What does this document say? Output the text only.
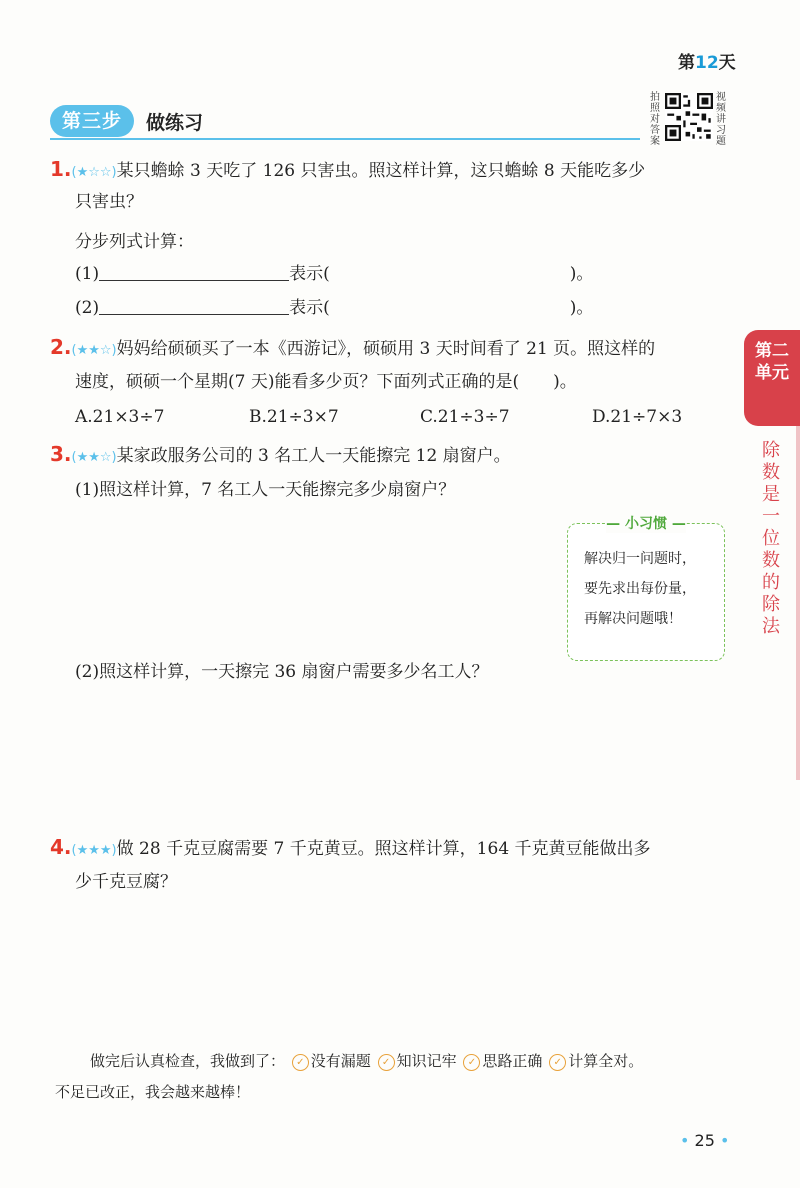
第12天
第三步	做练习
拍照对答案
视频讲习题
第二
单元
除数是一位数的除法
1.(★☆☆)某只蟾蜍 3 天吃了 126 只害虫。照这样计算，这只蟾蜍 8 天能吃多少
只害虫？
分步列式计算：
(1)	表示(	)。
(2)	表示(	)。
2.(★★☆)妈妈给硕硕买了一本《西游记》，硕硕用 3 天时间看了 21 页。照这样的
速度，硕硕一个星期(7 天)能看多少页？下面列式正确的是(　　)。
A.21×3÷7	B.21÷3×7	C.21÷3÷7	D.21÷7×3
3.(★★☆)某家政服务公司的 3 名工人一天能擦完 12 扇窗户。
(1)照这样计算，7 名工人一天能擦完多少扇窗户？
解决归一问题时，
要先求出每份量，
再解决问题哦！
— 小习惯 —
(2)照这样计算，一天擦完 36 扇窗户需要多少名工人？
4.(★★★)做 28 千克豆腐需要 7 千克黄豆。照这样计算，164 千克黄豆能做出多
少千克豆腐？
做完后认真检查，我做到了： ✓ 没有漏题 ✓ 知识记牢 ✓ 思路正确 ✓ 计算全对。
不足已改正，我会越来越棒！
• 25 •
